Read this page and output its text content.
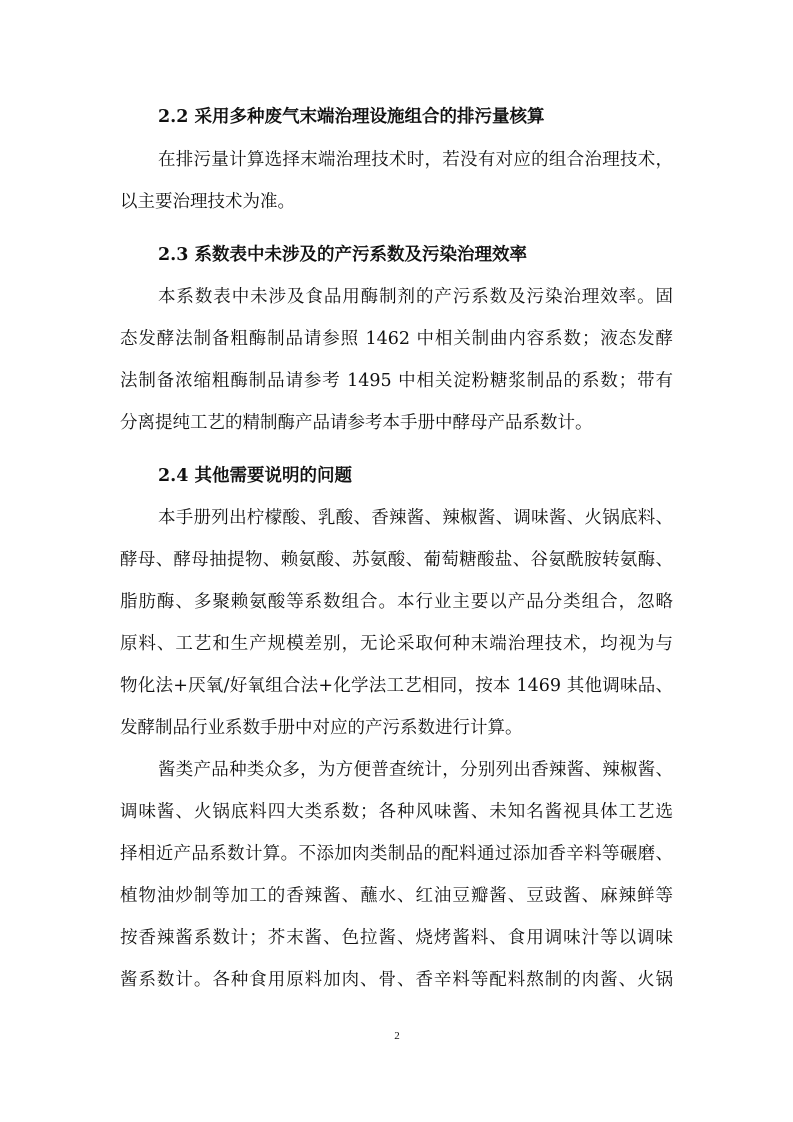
2.2 采用多种废气末端治理设施组合的排污量核算
在排污量计算选择末端治理技术时，若没有对应的组合治理技术，
以主要治理技术为准。
2.3 系数表中未涉及的产污系数及污染治理效率
本系数表中未涉及食品用酶制剂的产污系数及污染治理效率。固
态发酵法制备粗酶制品请参照 1462 中相关制曲内容系数；液态发酵
法制备浓缩粗酶制品请参考 1495 中相关淀粉糖浆制品的系数；带有
分离提纯工艺的精制酶产品请参考本手册中酵母产品系数计。
2.4 其他需要说明的问题
本手册列出柠檬酸、乳酸、香辣酱、辣椒酱、调味酱、火锅底料、
酵母、酵母抽提物、赖氨酸、苏氨酸、葡萄糖酸盐、谷氨酰胺转氨酶、
脂肪酶、多聚赖氨酸等系数组合。本行业主要以产品分类组合，忽略
原料、工艺和生产规模差别，无论采取何种末端治理技术，均视为与
物化法+厌氧/好氧组合法+化学法工艺相同，按本 1469 其他调味品、
发酵制品行业系数手册中对应的产污系数进行计算。
酱类产品种类众多，为方便普查统计，分别列出香辣酱、辣椒酱、
调味酱、火锅底料四大类系数；各种风味酱、未知名酱视具体工艺选
择相近产品系数计算。不添加肉类制品的配料通过添加香辛料等碾磨、
植物油炒制等加工的香辣酱、蘸水、红油豆瓣酱、豆豉酱、麻辣鲜等
按香辣酱系数计；芥末酱、色拉酱、烧烤酱料、食用调味汁等以调味
酱系数计。各种食用原料加肉、骨、香辛料等配料熬制的肉酱、火锅
2
